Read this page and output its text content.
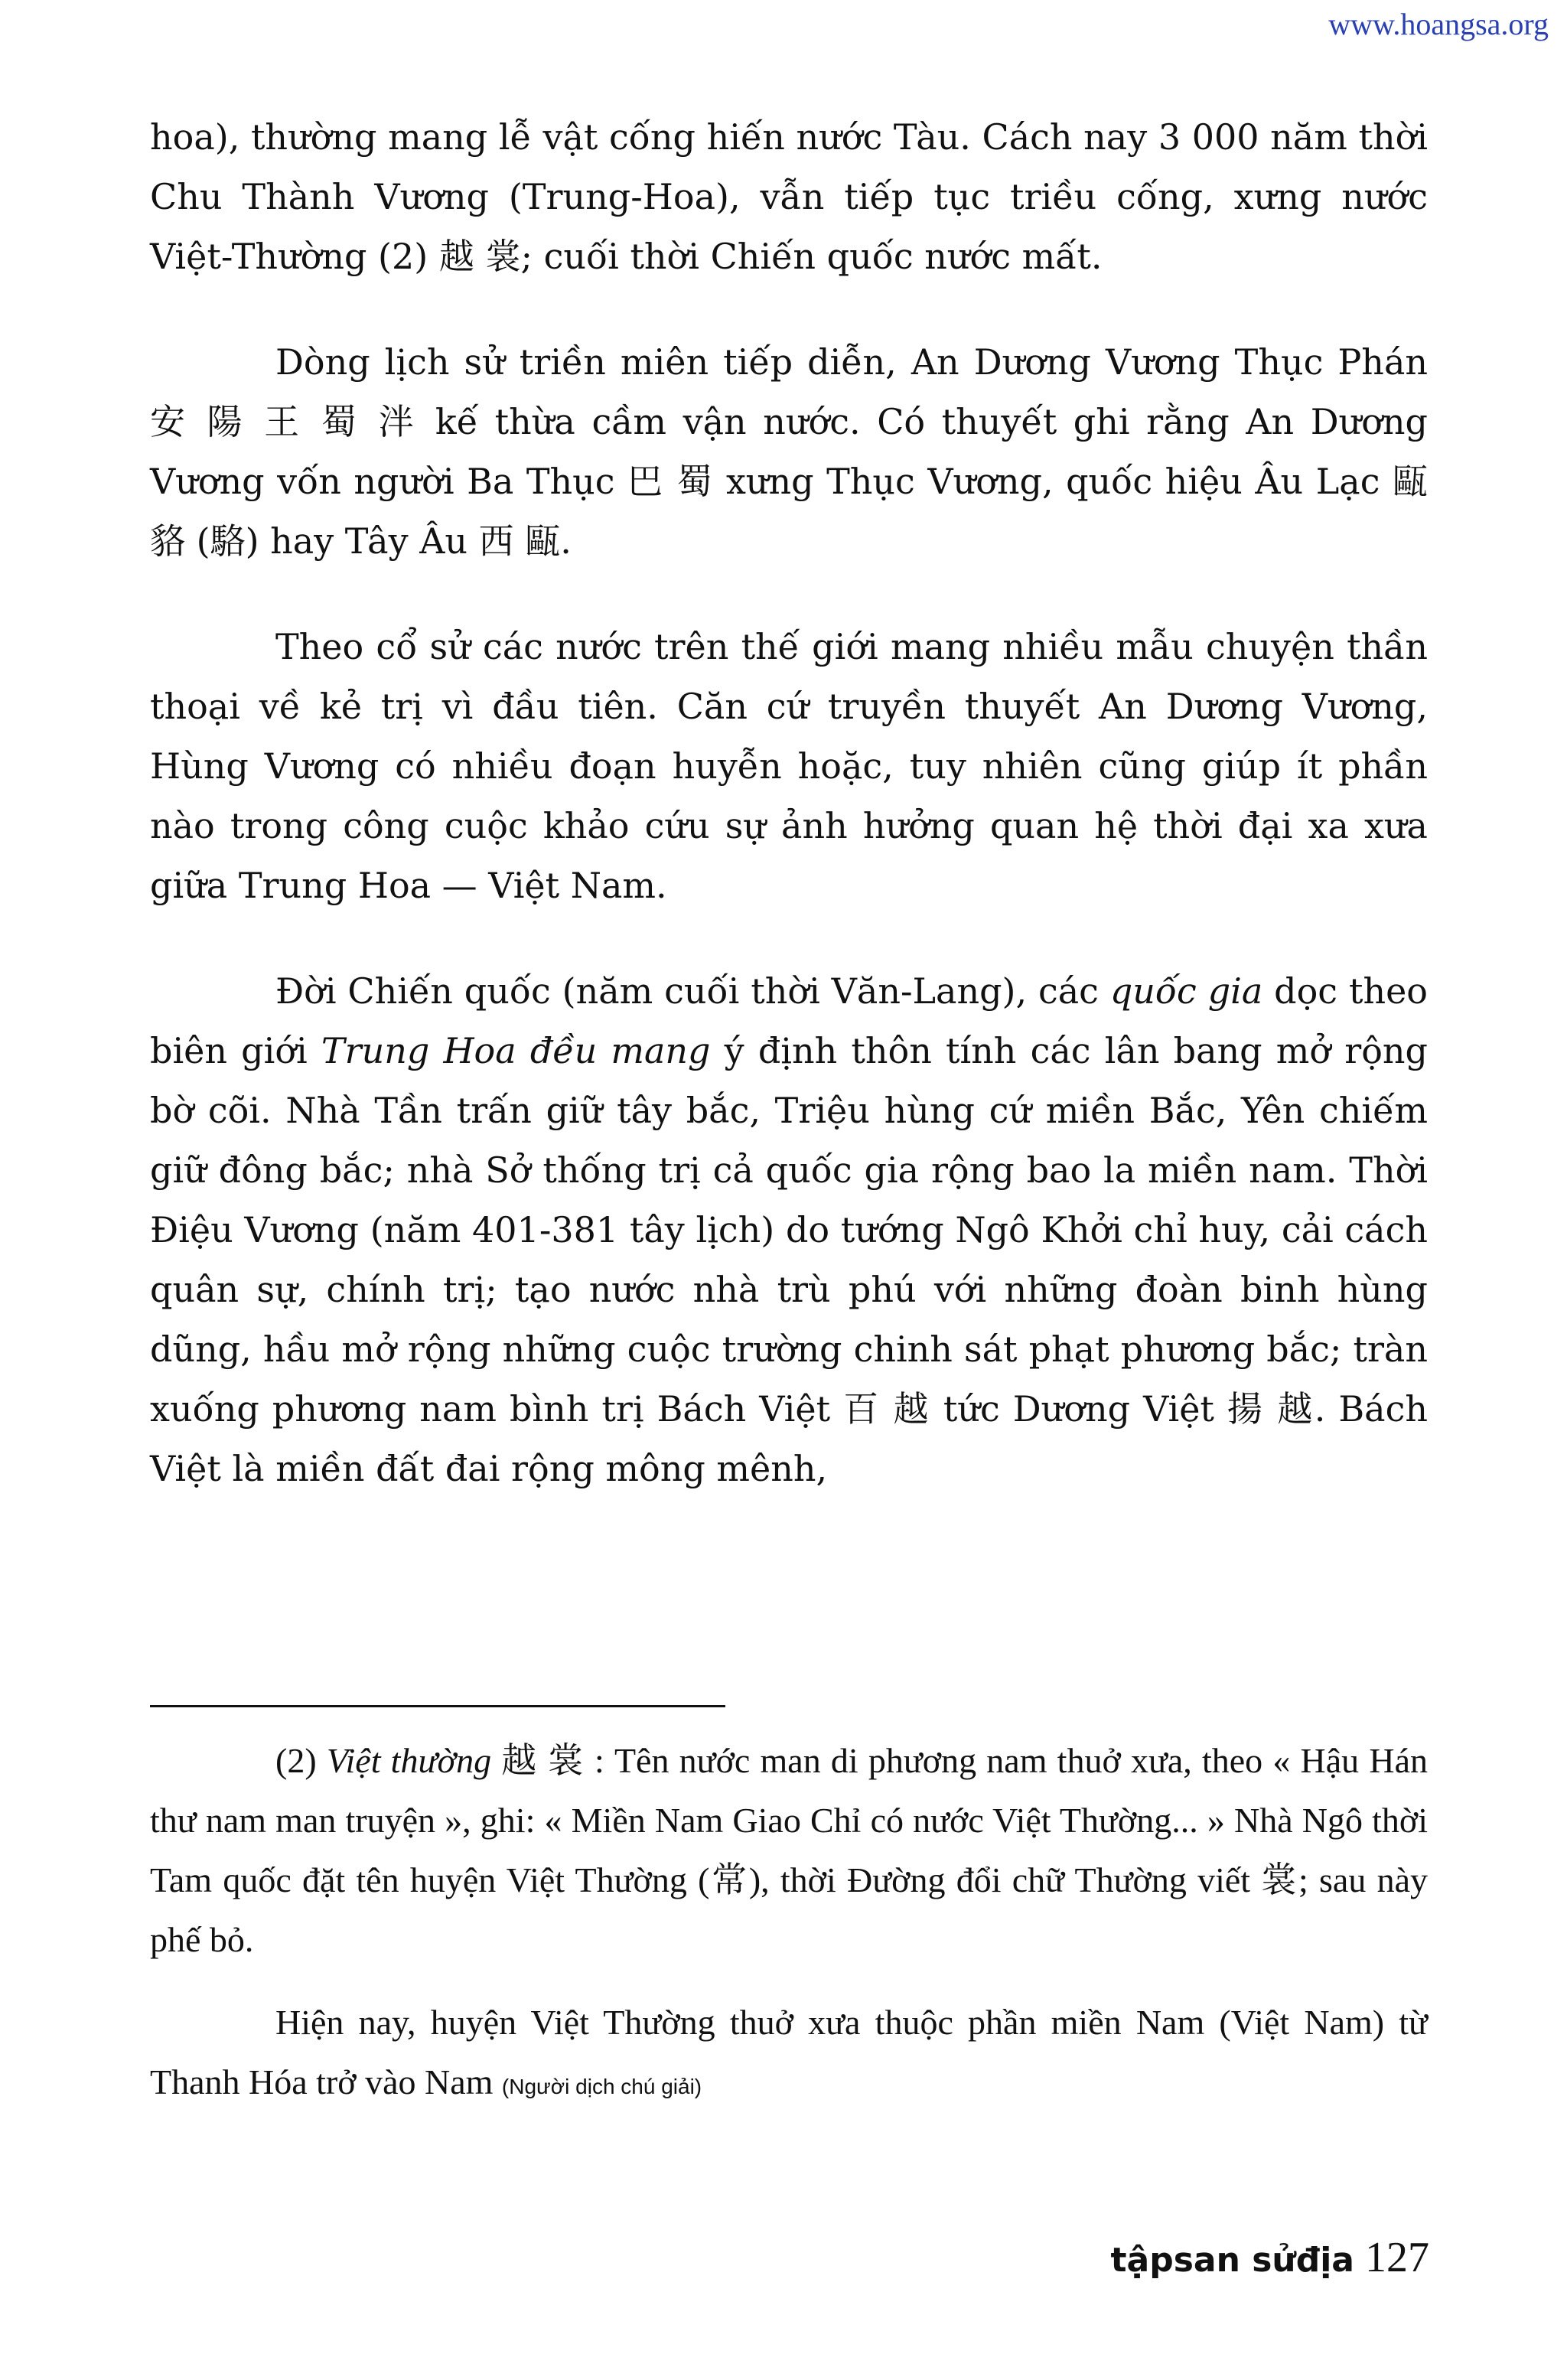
www.hoangsa.org

hoa), thường mang lễ vật cống hiến nước Tàu. Cách nay 3 000 năm thời Chu Thành Vương (Trung-Hoa), vẫn tiếp tục triều cống, xưng nước Việt-Thường (2) 越 裳; cuối thời Chiến quốc nước mất.

Dòng lịch sử triền miên tiếp diễn, An Dương Vương Thục Phán 安 陽 王 蜀 泮 kế thừa cầm vận nước. Có thuyết ghi rằng An Dương Vương vốn người Ba Thục 巴 蜀 xưng Thục Vương, quốc hiệu Âu Lạc 甌 貉 (駱) hay Tây Âu 西 甌.

Theo cổ sử các nước trên thế giới mang nhiều mẫu chuyện thần thoại về kẻ trị vì đầu tiên. Căn cứ truyền thuyết An Dương Vương, Hùng Vương có nhiều đoạn huyễn hoặc, tuy nhiên cũng giúp ít phần nào trong công cuộc khảo cứu sự ảnh hưởng quan hệ thời đại xa xưa giữa Trung Hoa — Việt Nam.

Đời Chiến quốc (năm cuối thời Văn-Lang), các quốc gia dọc theo biên giới Trung Hoa đều mang ý định thôn tính các lân bang mở rộng bờ cõi. Nhà Tần trấn giữ tây bắc, Triệu hùng cứ miền Bắc, Yên chiếm giữ đông bắc; nhà Sở thống trị cả quốc gia rộng bao la miền nam. Thời Điệu Vương (năm 401-381 tây lịch) do tướng Ngô Khởi chỉ huy, cải cách quân sự, chính trị; tạo nước nhà trù phú với những đoàn binh hùng dũng, hầu mở rộng những cuộc trường chinh sát phạt phương bắc; tràn xuống phương nam bình trị Bách Việt 百 越 tức Dương Việt 揚 越. Bách Việt là miền đất đai rộng mông mênh,

(2) Việt thường 越 裳 : Tên nước man di phương nam thuở xưa, theo « Hậu Hán thư nam man truyện », ghi: « Miền Nam Giao Chỉ có nước Việt Thường... » Nhà Ngô thời Tam quốc đặt tên huyện Việt Thường (常), thời Đường đổi chữ Thường viết 裳; sau này phế bỏ.

Hiện nay, huyện Việt Thường thuở xưa thuộc phần miền Nam (Việt Nam) từ Thanh Hóa trở vào Nam (Người dịch chú giải)

tậpsan sửđịa 127
